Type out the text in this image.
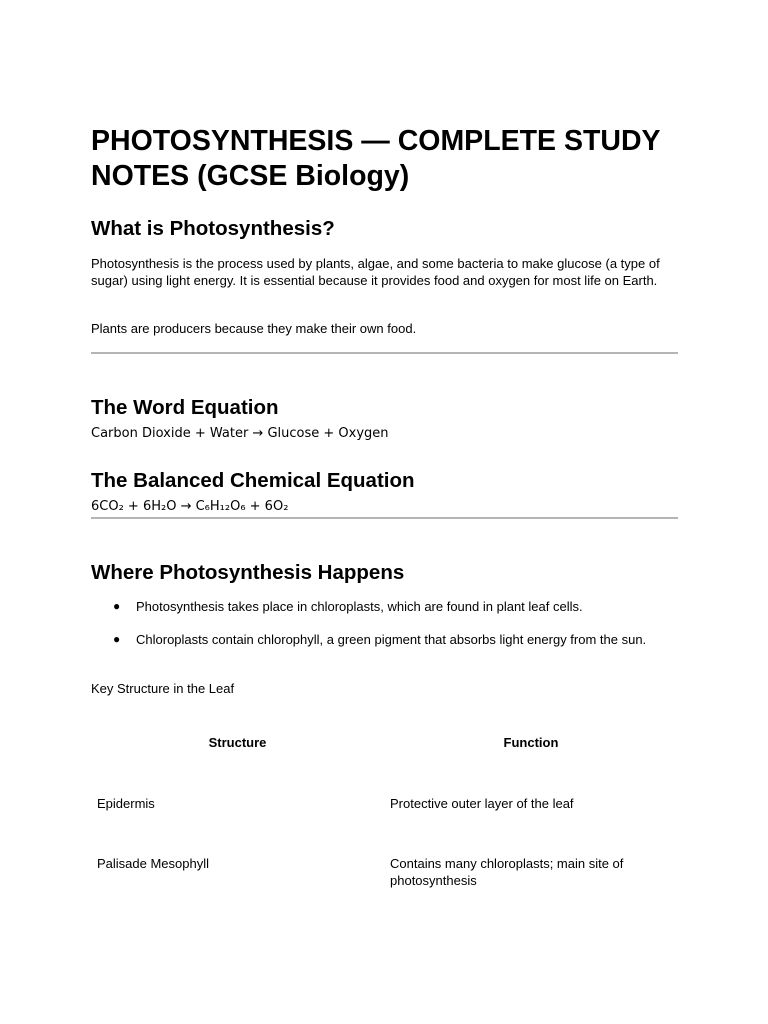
PHOTOSYNTHESIS — COMPLETE STUDY NOTES (GCSE Biology)
What is Photosynthesis?

Photosynthesis is the process used by plants, algae, and some bacteria to make glucose (a type of sugar) using light energy. It is essential because it provides food and oxygen for most life on Earth.

Plants are producers because they make their own food.

The Word Equation
Carbon Dioxide + Water → Glucose + Oxygen
The Balanced Chemical Equation
6CO₂ + 6H₂O → C₆H₁₂O₆ + 6O₂
Where Photosynthesis Happens
● Photosynthesis takes place in chloroplasts, which are found in plant leaf cells.
● Chloroplasts contain chlorophyll, a green pigment that absorbs light energy from the sun.

Key Structure in the Leaf

Structure	Function
Epidermis	Protective outer layer of the leaf
Palisade Mesophyll	Contains many chloroplasts; main site of photosynthesis
